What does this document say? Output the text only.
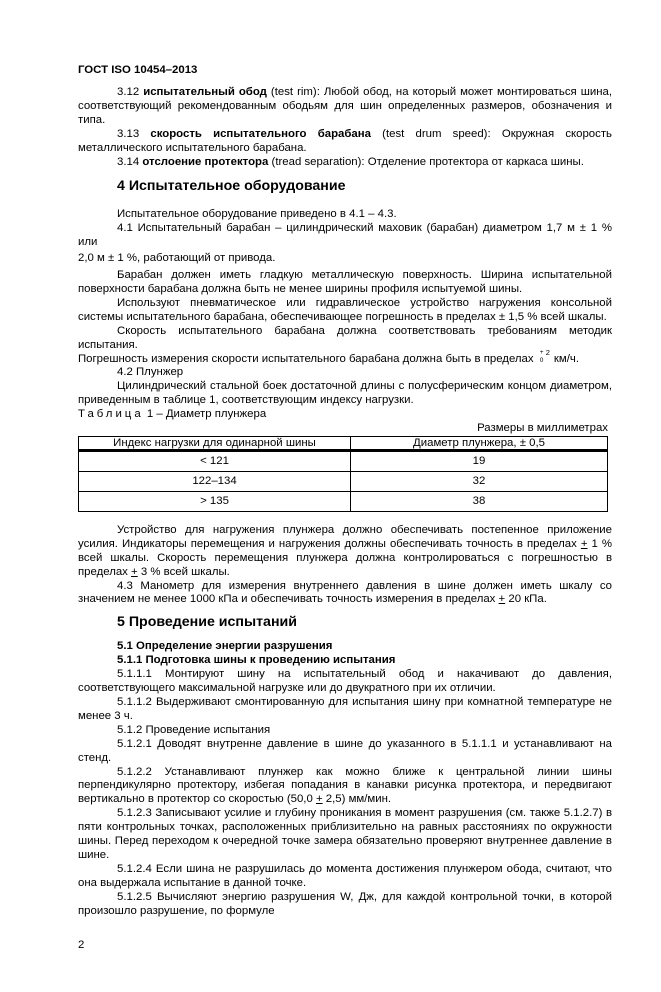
ГОСТ ISO 10454–2013
3.12 испытательный обод (test rim): Любой обод, на который может монтироваться шина, соответствующий рекомендованным ободьям для шин определенных размеров, обозначения и типа.
3.13 скорость испытательного барабана (test drum speed): Окружная скорость металлического испытательного барабана.
3.14 отслоение протектора (tread separation): Отделение протектора от каркаса шины.
4 Испытательное оборудование
Испытательное оборудование приведено в 4.1 – 4.3.
4.1 Испытательный барабан – цилиндрический маховик (барабан) диаметром 1,7 м ± 1 % или
2,0 м ± 1 %, работающий от привода.
Барабан должен иметь гладкую металлическую поверхность. Ширина испытательной поверхности барабана должна быть не менее ширины профиля испытуемой шины.
Используют пневматическое или гидравлическое устройство нагружения консольной системы испытательного барабана, обеспечивающее погрешность в пределах ± 1,5 % всей шкалы.
Скорость испытательного барабана должна соответствовать требованиям методик испытания.
Погрешность измерения скорости испытательного барабана должна быть в пределах +
0
2 км/ч.
4.2 Плунжер
Цилиндрический стальной боек достаточной длины с полусферическим концом диаметром, приведенным в таблице 1, соответствующим индексу нагрузки.
Таблица 1 – Диаметр плунжера
Размеры в миллиметрах
Индекс нагрузки для одинарной шины	Диаметр плунжера, ± 0,5
< 121	19
122–134	32
> 135	38
Устройство для нагружения плунжера должно обеспечивать постепенное приложение усилия. Индикаторы перемещения и нагружения должны обеспечивать точность в пределах + 1 % всей шкалы. Скорость перемещения плунжера должна контролироваться с погрешностью в пределах + 3 % всей шкалы.
4.3 Манометр для измерения внутреннего давления в шине должен иметь шкалу со значением не менее 1000 кПа и обеспечивать точность измерения в пределах + 20 кПа.
5 Проведение испытаний
5.1 Определение энергии разрушения
5.1.1 Подготовка шины к проведению испытания
5.1.1.1 Монтируют шину на испытательный обод и накачивают до давления, соответствующего максимальной нагрузке или до двукратного при их отличии.
5.1.1.2 Выдерживают смонтированную для испытания шину при комнатной температуре не менее 3 ч.
5.1.2 Проведение испытания
5.1.2.1 Доводят внутренне давление в шине до указанного в 5.1.1.1 и устанавливают на стенд.
5.1.2.2 Устанавливают плунжер как можно ближе к центральной линии шины перпендикулярно протектору, избегая попадания в канавки рисунка протектора, и передвигают вертикально в протектор со скоростью (50,0 + 2,5) мм/мин.
5.1.2.3 Записывают усилие и глубину проникания в момент разрушения (см. также 5.1.2.7) в пяти контрольных точках, расположенных приблизительно на равных расстояниях по окружности шины. Перед переходом к очередной точке замера обязательно проверяют внутреннее давление в шине.
5.1.2.4 Если шина не разрушилась до момента достижения плунжером обода, считают, что она выдержала испытание в данной точке.
5.1.2.5 Вычисляют энергию разрушения W, Дж, для каждой контрольной точки, в которой произошло разрушение, по формуле
2
